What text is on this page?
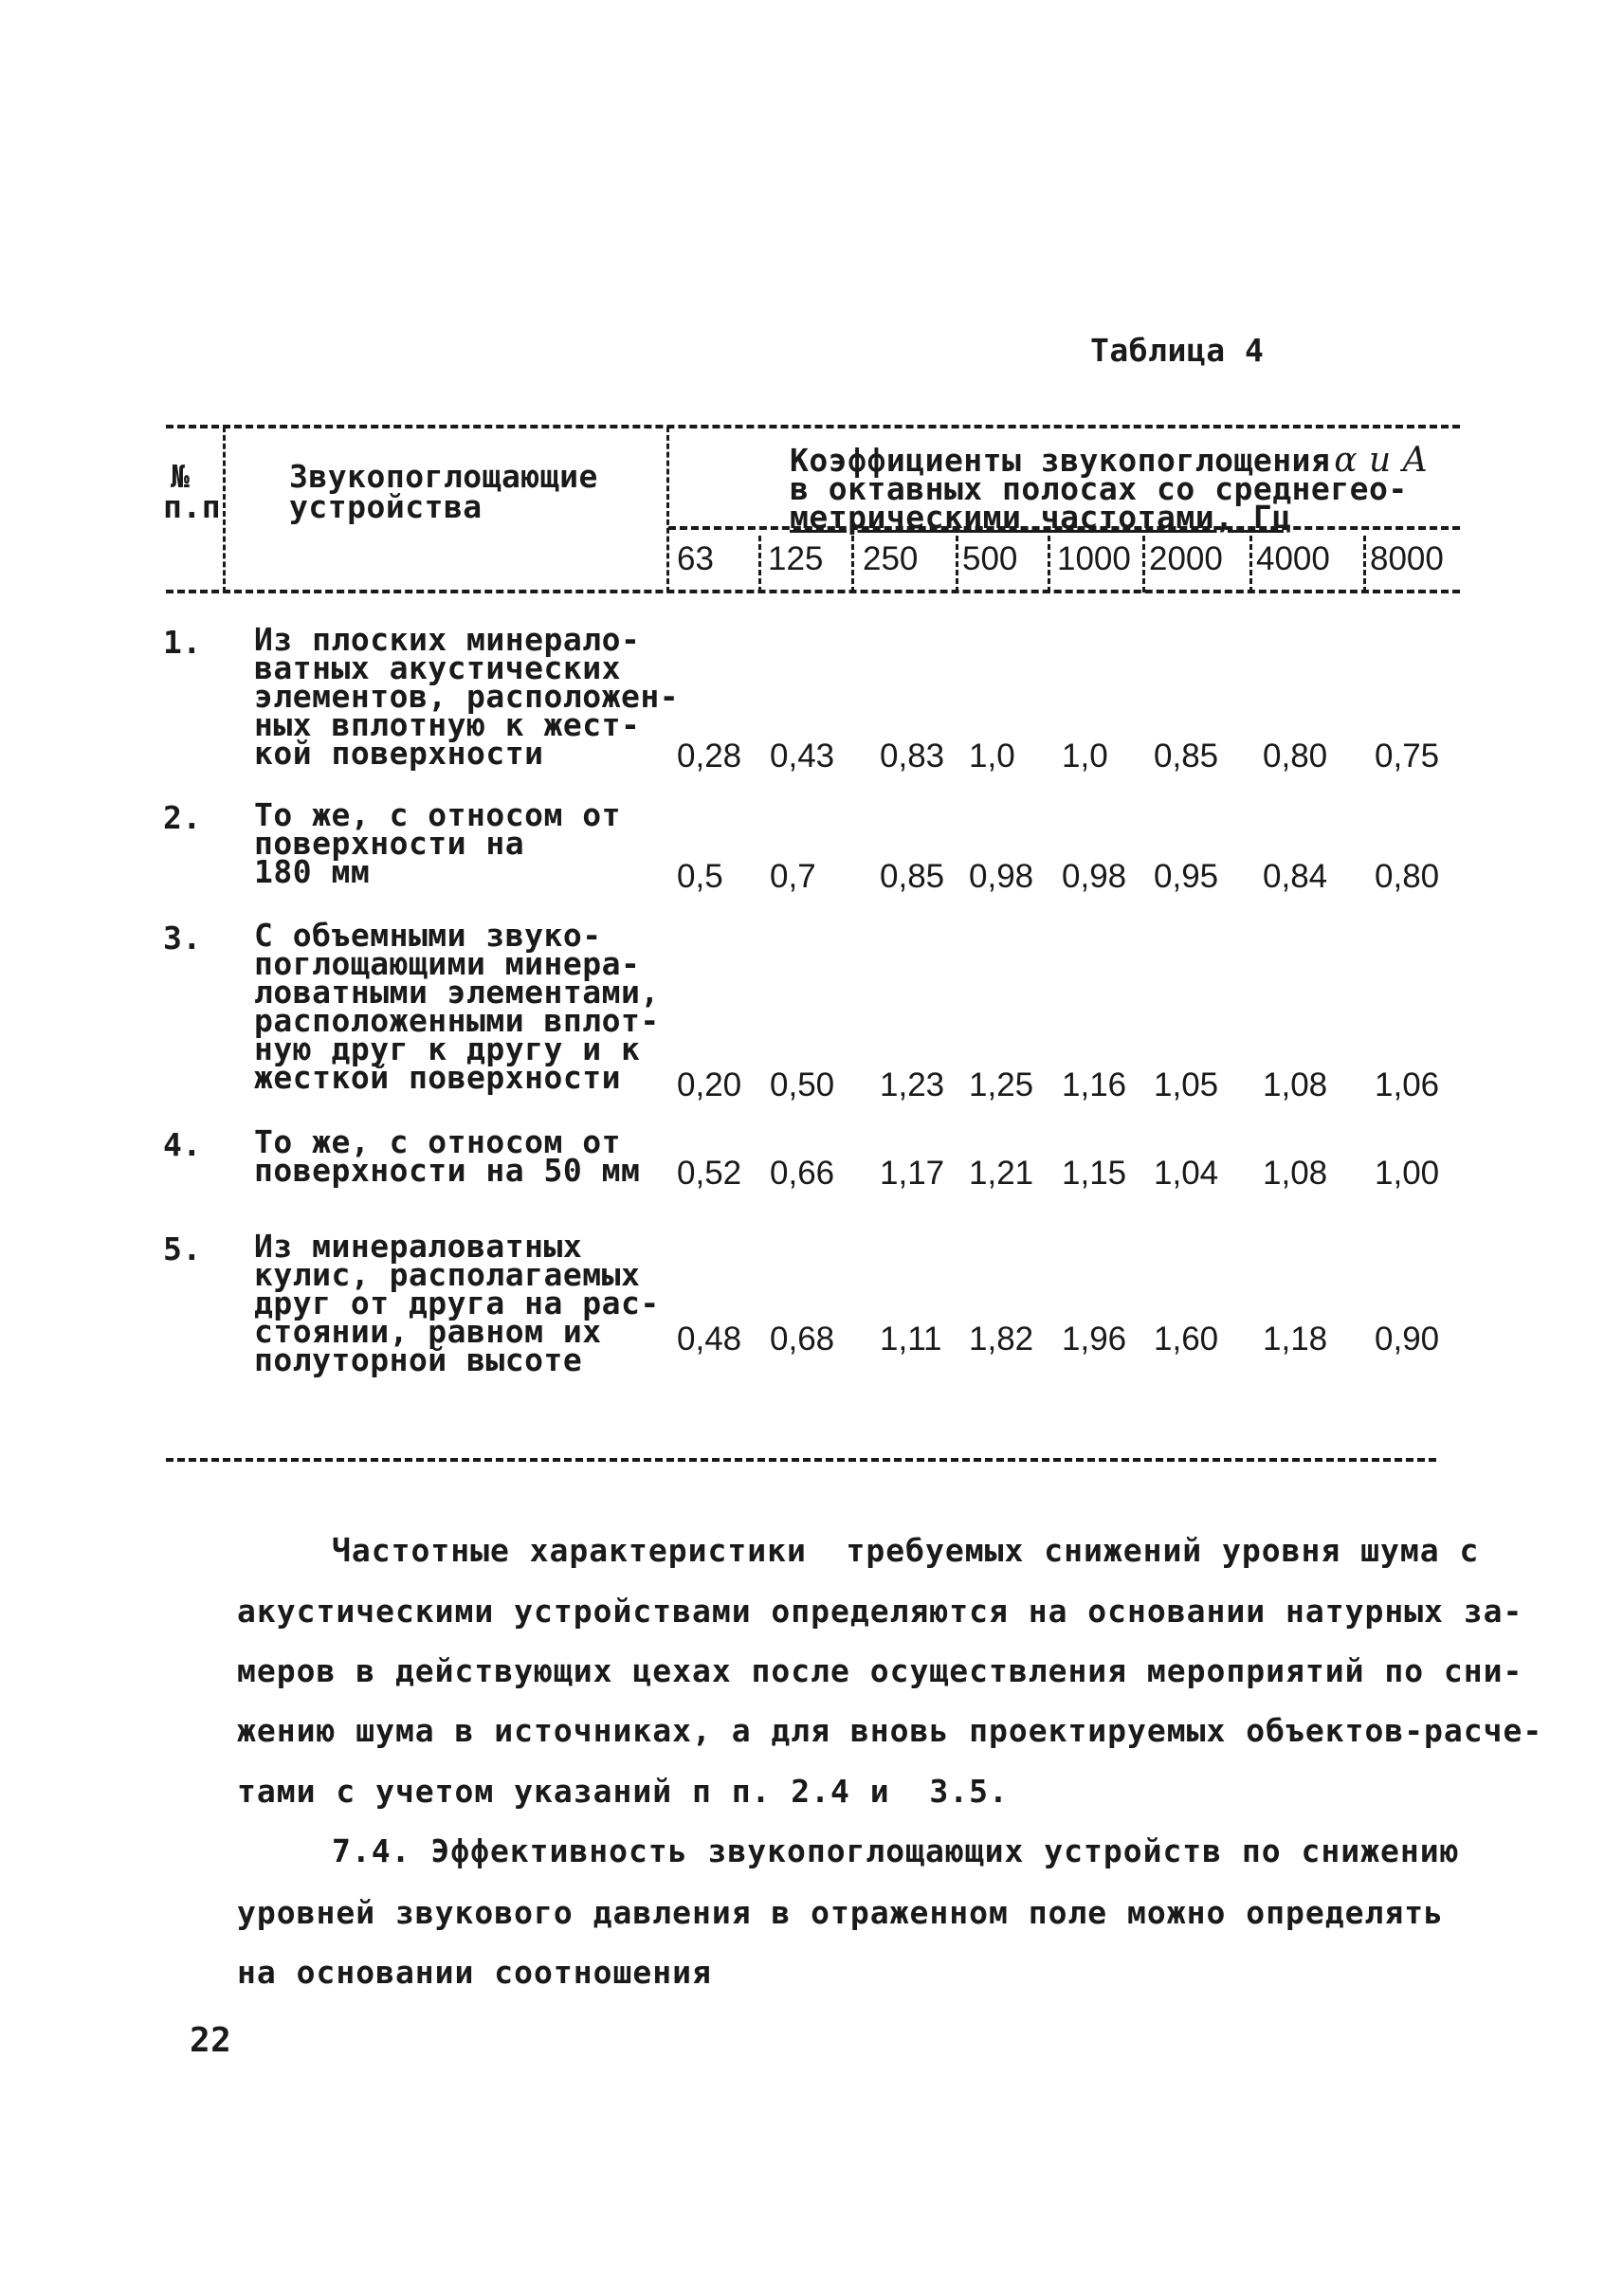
Таблица 4
№
п.п
Звукопоглощающие
устройства
Коэффициенты звукопоглощения α и A
в октавных полосах со среднегео-
метрическими частотами, Гц
63 125 250 500 1000 2000 4000 8000
1. Из плоских минерало-
ватных акустических
элементов, расположен-
ных вплотную к жест-
кой поверхности	0,28 0,43 0,83 1,0 1,0 0,85 0,80 0,75
2. То же, с относом от
поверхности на
180 мм	0,5 0,7 0,85 0,98 0,98 0,95 0,84 0,80
3. С объемными звуко-
поглощающими минера-
ловатными элементами,
расположенными вплот-
ную друг к другу и к
жесткой поверхности	0,20 0,50 1,23 1,25 1,16 1,05 1,08 1,06
4. То же, с относом от
поверхности на 50 мм 0,52 0,66 1,17 1,21 1,15 1,04 1,08 1,00
5. Из минераловатных
кулис, располагаемых
друг от друга на рас-
стоянии, равном их
полуторной высоте
0,48 0,68 1,11 1,82 1,96 1,60 1,18 0,90
Частотные характеристики  требуемых снижений уровня шума с
акустическими устройствами определяются на основании натурных за-
меров в действующих цехах после осуществления мероприятий по сни-
жению шума в источниках, а для вновь проектируемых объектов-расче-
тами с учетом указаний п п. 2.4 и  3.5.
7.4. Эффективность звукопоглощающих устройств по снижению
уровней звукового давления в отраженном поле можно определять
на основании соотношения
22
